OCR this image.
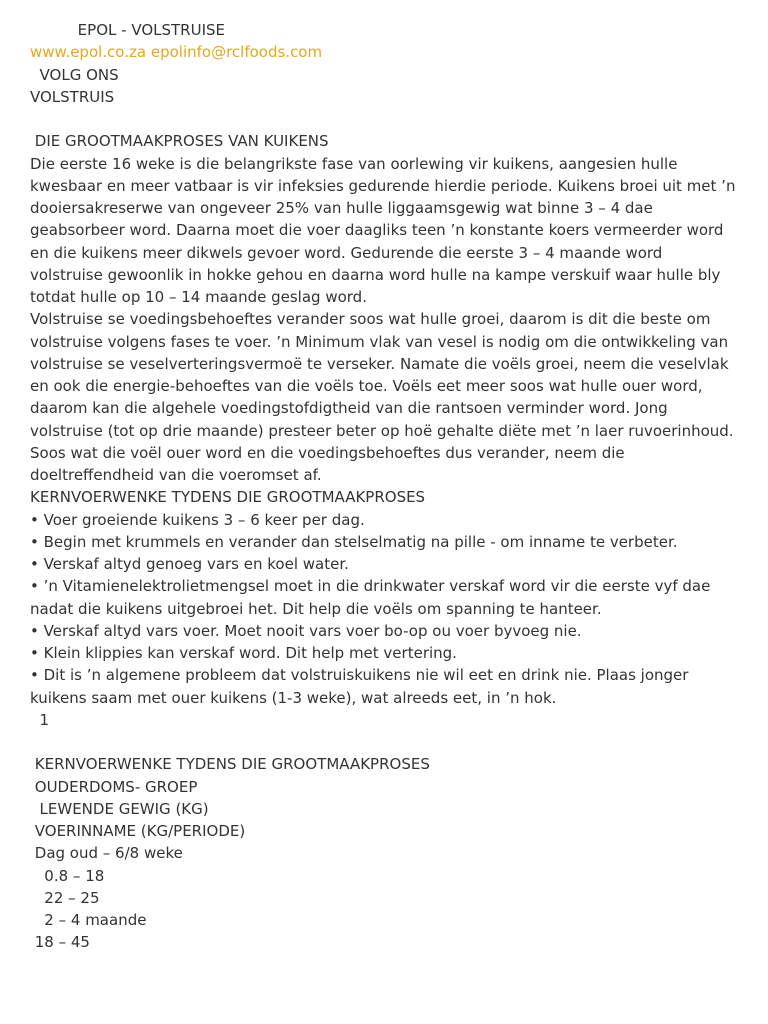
EPOL - VOLSTRUISE
www.epol.co.za epolinfo@rclfoods.com
VOLG ONS
VOLSTRUIS
DIE GROOTMAAKPROSES VAN KUIKENS
Die eerste 16 weke is die belangrikste fase van oorlewing vir kuikens, aangesien hulle
kwesbaar en meer vatbaar is vir infeksies gedurende hierdie periode. Kuikens broei uit met ’n
dooiersakreserwe van ongeveer 25% van hulle liggaamsgewig wat binne 3 – 4 dae
geabsorbeer word. Daarna moet die voer daagliks teen ’n konstante koers vermeerder word
en die kuikens meer dikwels gevoer word. Gedurende die eerste 3 – 4 maande word
volstruise gewoonlik in hokke gehou en daarna word hulle na kampe verskuif waar hulle bly
totdat hulle op 10 – 14 maande geslag word.
Volstruise se voedingsbehoeftes verander soos wat hulle groei, daarom is dit die beste om
volstruise volgens fases te voer. ’n Minimum vlak van vesel is nodig om die ontwikkeling van
volstruise se veselverteringsvermoë te verseker. Namate die voëls groei, neem die veselvlak
en ook die energie-behoeftes van die voëls toe. Voëls eet meer soos wat hulle ouer word,
daarom kan die algehele voedingstofdigtheid van die rantsoen verminder word. Jong
volstruise (tot op drie maande) presteer beter op hoë gehalte diëte met ’n laer ruvoerinhoud.
Soos wat die voël ouer word en die voedingsbehoeftes dus verander, neem die
doeltreffendheid van die voeromset af.
KERNVOERWENKE TYDENS DIE GROOTMAAKPROSES
• Voer groeiende kuikens 3 – 6 keer per dag.
• Begin met krummels en verander dan stelselmatig na pille - om inname te verbeter.
• Verskaf altyd genoeg vars en koel water.
• ’n Vitamienelektrolietmengsel moet in die drinkwater verskaf word vir die eerste vyf dae
nadat die kuikens uitgebroei het. Dit help die voëls om spanning te hanteer.
• Verskaf altyd vars voer. Moet nooit vars voer bo-op ou voer byvoeg nie.
• Klein klippies kan verskaf word. Dit help met vertering.
• Dit is ’n algemene probleem dat volstruiskuikens nie wil eet en drink nie. Plaas jonger
kuikens saam met ouer kuikens (1-3 weke), wat alreeds eet, in ’n hok.
1
KERNVOERWENKE TYDENS DIE GROOTMAAKPROSES
OUDERDOMS- GROEP
LEWENDE GEWIG (KG)
VOERINNAME (KG/PERIODE)
Dag oud – 6/8 weke
0.8 – 18
22 – 25
2 – 4 maande
18 – 45
